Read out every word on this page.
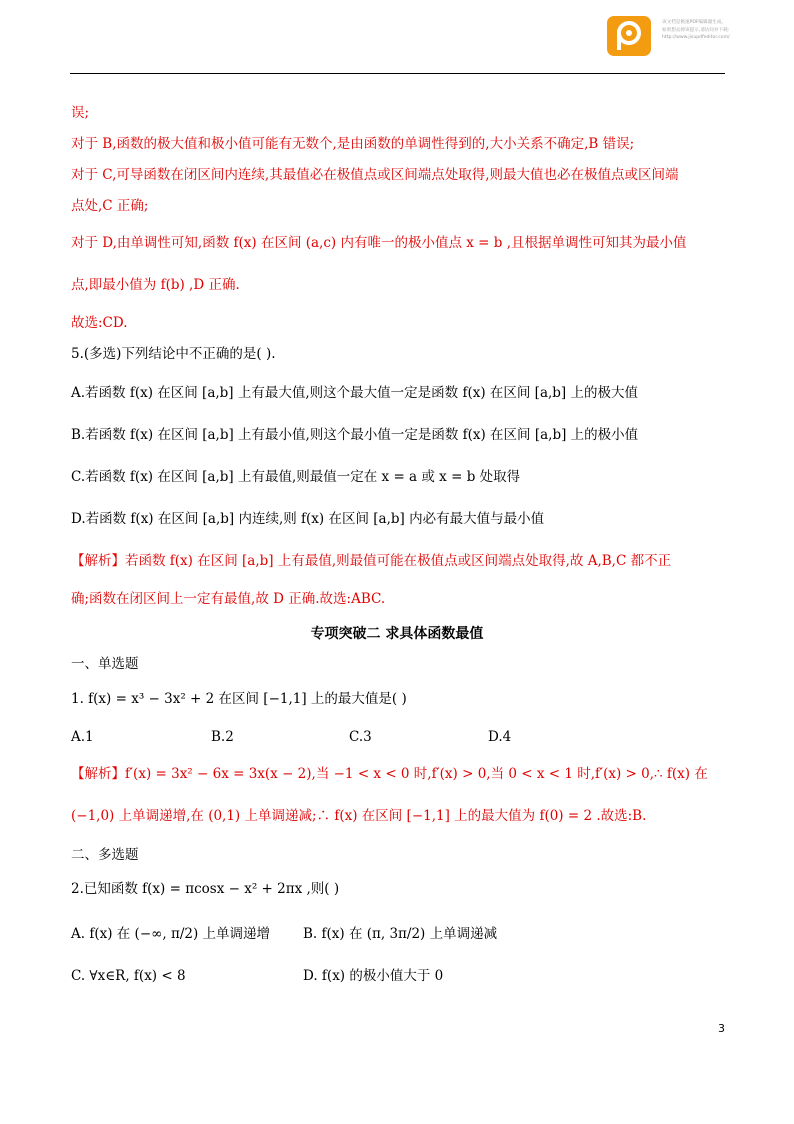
该文档是极速PDF编辑器生成,
如果想去掉该提示,请访问并下载:
http://www.jisupdfeditor.com/
误;
对于 B,函数的极大值和极小值可能有无数个,是由函数的单调性得到的,大小关系不确定,B 错误;
对于 C,可导函数在闭区间内连续,其最值必在极值点或区间端点处取得,则最大值也必在极值点或区间端
点处,C 正确;
对于 D,由单调性可知,函数 f(x) 在区间 (a,c) 内有唯一的极小值点 x = b ,且根据单调性可知其为最小值
点,即最小值为 f(b) ,D 正确.
故选:CD.
5.(多选)下列结论中不正确的是( ).
A.若函数 f(x) 在区间 [a,b] 上有最大值,则这个最大值一定是函数 f(x) 在区间 [a,b] 上的极大值
B.若函数 f(x) 在区间 [a,b] 上有最小值,则这个最小值一定是函数 f(x) 在区间 [a,b] 上的极小值
C.若函数 f(x) 在区间 [a,b] 上有最值,则最值一定在 x = a 或 x = b 处取得
D.若函数 f(x) 在区间 [a,b] 内连续,则 f(x) 在区间 [a,b] 内必有最大值与最小值
【解析】若函数 f(x) 在区间 [a,b] 上有最值,则最值可能在极值点或区间端点处取得,故 A,B,C 都不正
确;函数在闭区间上一定有最值,故 D 正确.故选:ABC.
专项突破二 求具体函数最值
一、单选题
1. f(x) = x³ − 3x² + 2 在区间 [−1,1] 上的最大值是( )
A.1	B.2	C.3	D.4
【解析】f′(x) = 3x² − 6x = 3x(x − 2),当 −1 < x < 0 时,f′(x) > 0,当 0 < x < 1 时,f′(x) > 0,∴ f(x) 在
(−1,0) 上单调递增,在 (0,1) 上单调递减;∴ f(x) 在区间 [−1,1] 上的最大值为 f(0) = 2 .故选:B.
二、多选题
2.已知函数 f(x) = πcosx − x² + 2πx ,则( )
A. f(x) 在 (−∞, π/2) 上单调递增 B. f(x) 在 (π, 3π/2) 上单调递减
C. ∀x∈R, f(x) < 8	D. f(x) 的极小值大于 0
3
